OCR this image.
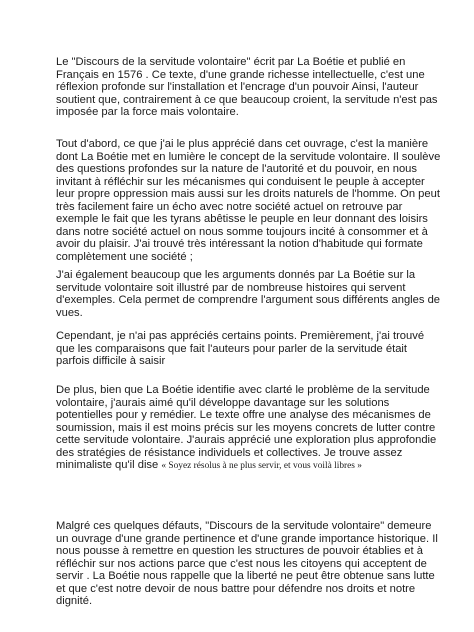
Le "Discours de la servitude volontaire" écrit par La Boétie et publié en Français en 1576 . Ce texte, d'une grande richesse intellectuelle, c'est une réflexion profonde sur l'installation et l'encrage d'un pouvoir Ainsi, l'auteur soutient que, contrairement à ce que beaucoup croient, la servitude n'est pas imposée par la force mais volontaire.

Tout d'abord, ce que j'ai le plus apprécié dans cet ouvrage, c'est la manière dont La Boétie met en lumière le concept de la servitude volontaire. Il soulève des questions profondes sur la nature de l'autorité et du pouvoir, en nous invitant à réfléchir sur les mécanismes qui conduisent le peuple à accepter leur propre oppression mais aussi sur les droits naturels de l'homme. On peut très facilement faire un écho avec notre société actuel on retrouve par exemple le fait que les tyrans abêtisse le peuple en leur donnant des loisirs dans notre société actuel on nous somme toujours incité à consommer et à avoir du plaisir. J'ai trouvé très intéressant la notion d'habitude qui formate complètement une société ;

J'ai également beaucoup que les arguments donnés par La Boétie sur la servitude volontaire soit illustré par de nombreuse histoires qui servent d'exemples. Cela permet de comprendre l'argument sous différents angles de vues.

Cependant, je n'ai pas appréciés certains points. Premièrement, j'ai trouvé que les comparaisons que fait l'auteurs pour parler de la servitude était parfois difficile à saisir

De plus, bien que La Boétie identifie avec clarté le problème de la servitude volontaire, j'aurais aimé qu'il développe davantage sur les solutions potentielles pour y remédier. Le texte offre une analyse des mécanismes de soumission, mais il est moins précis sur les moyens concrets de lutter contre cette servitude volontaire. J'aurais apprécié une exploration plus approfondie des stratégies de résistance individuels et collectives. Je trouve assez minimaliste qu'il dise « Soyez résolus à ne plus servir, et vous voilà libres »

Malgré ces quelques défauts, "Discours de la servitude volontaire" demeure un ouvrage d'une grande pertinence et d'une grande importance historique. Il nous pousse à remettre en question les structures de pouvoir établies et à réfléchir sur nos actions parce que c'est nous les citoyens qui acceptent de servir . La Boétie nous rappelle que la liberté ne peut être obtenue sans lutte et que c'est notre devoir de nous battre pour défendre nos droits et notre dignité.
